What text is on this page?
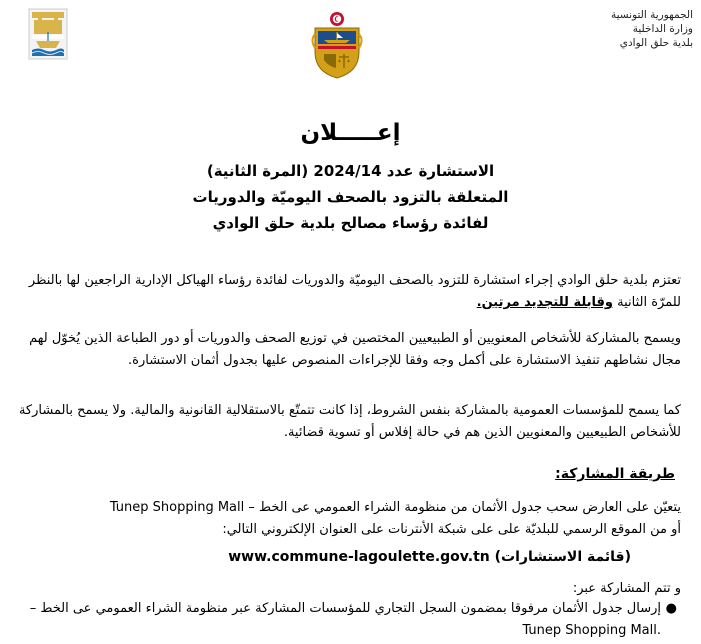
الجمهورية التونسية
وزارة الداخلية
بلدية حلق الوادي
إعـــــلان
الاستشارة عدد 2024/14 (المرة الثانية)
المتعلقة بالتزود بالصحف اليوميّة والدوريات
لفائدة رؤساء مصالح بلدية حلق الوادي
تعتزم بلدية حلق الوادي إجراء استشارة للتزود بالصحف اليوميّة والدوريات لفائدة رؤساء الهياكل الإدارية الراجعين لها بالنظر للمرّة الثانية وقابلة للتجديد مرتين.
ويسمح بالمشاركة للأشخاص المعنويين أو الطبيعيين المختصين في توزيع الصحف والدوريات أو دور الطباعة الذين يُخوّل لهم مجال نشاطهم تنفيذ الاستشارة على أكمل وجه وفقا للإجراءات المنصوص عليها بجدول أثمان الاستشارة.
كما يسمح للمؤسسات العمومية بالمشاركة بنفس الشروط، إذا كانت تتمتّع بالاستقلالية القانونية والمالية. ولا يسمح بالمشاركة للأشخاص الطبيعيين والمعنويين الذين هم في حالة إفلاس أو تسوية قضائية.
طريقة المشاركة:
يتعيّن على العارض سحب جدول الأثمان من منظومة الشراء العمومي عى الخط – Tunep Shopping Mall
أو من الموقع الرسمي للبلديّة على على شبكة الأنترنات على العنوان الإلكتروني التالي:
(قائمة الاستشارات) www.commune-lagoulette.gov.tn
و تتم المشاركة عبر:
●
إرسال جدول الأثمان مرفوقا بمضمون السجل التجاري للمؤسسات المشاركة عبر منظومة الشراء العمومي عى الخط – Tunep Shopping Mall.
